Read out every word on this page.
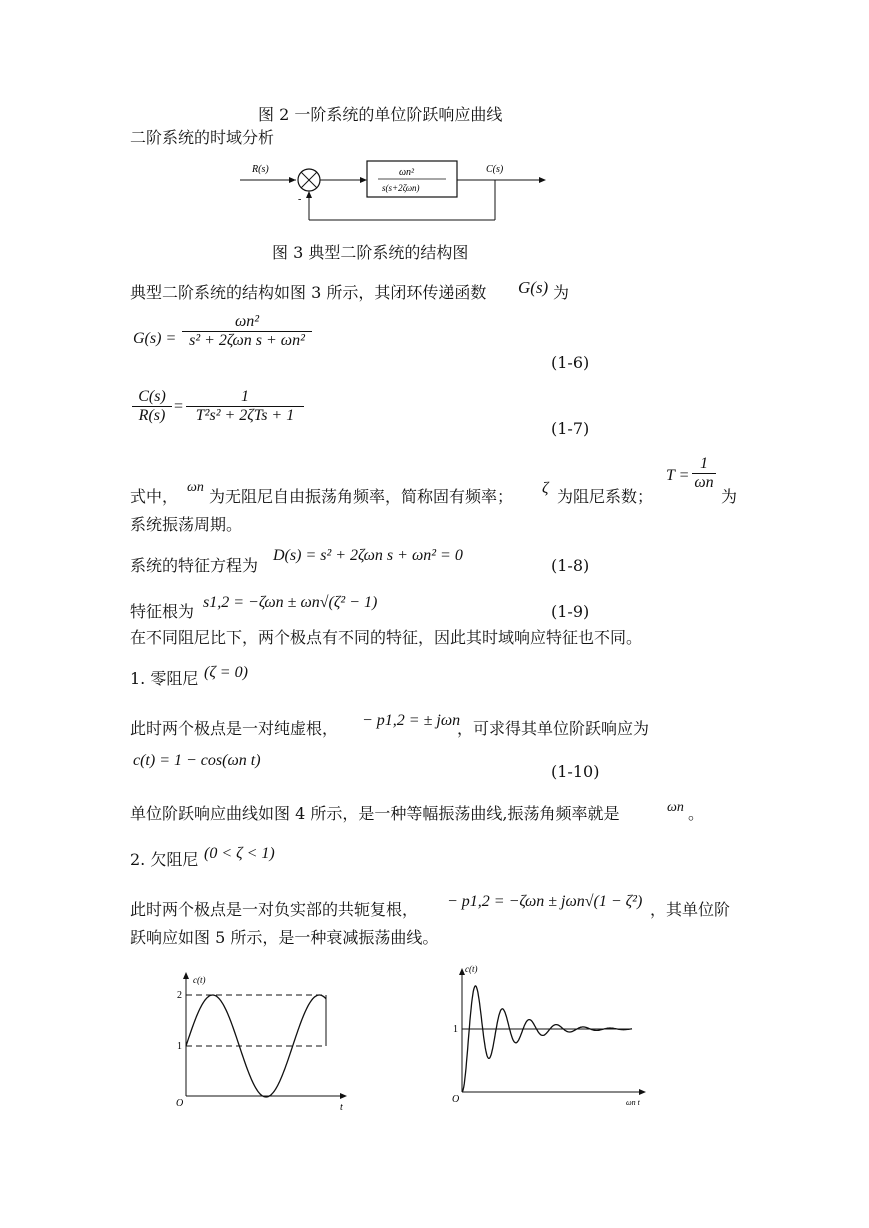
图 2 一阶系统的单位阶跃响应曲线
二阶系统的时域分析
R(s)
-
C(s)
ωn²
s(s+2ζωn)
图 3 典型二阶系统的结构图
典型二阶系统的结构如图 3 所示，其闭环传递函数 G(s) 为
G(s) =
ωn²
s² + 2ζωn s + ωn²
(1-6)
$\frac{C(s)}{R(s)}$ =
1
T²s² + 2ζTs + 1
(1-7)
式中， ωn 为无阻尼自由振荡角频率，简称固有频率； ζ 为阻尼系数；
$T = \frac{1}{\omega n}$
为
系统振荡周期。
系统的特征方程为
D(s) = s² + 2ζωn s + ωn² = 0
(1-8)
特征根为 s1,2 = −ζωn ± ωn√(ζ² − 1)	(1-9)
在不同阻尼比下，两个极点有不同的特征，因此其时域响应特征也不同。
1. 零阻尼 (ζ = 0)
此时两个极点是一对纯虚根， − p1,2 = ± jωn
，可求得其单位阶跃响应为
c(t) = 1 − cos(ωn t)
(1-10)
单位阶跃响应曲线如图 4 所示，是一种等幅振荡曲线,振荡角频率就是	ωn 。
2. 欠阻尼 (0 < ζ < 1)
此时两个极点是一对负实部的共轭复根， − p1,2 = −ζωn ± jωn√(1 − ζ²) ，其单位阶
跃响应如图 5 所示，是一种衰减振荡曲线。
c(t)
2
1
O	t
c(t)
1
O	ωn t
